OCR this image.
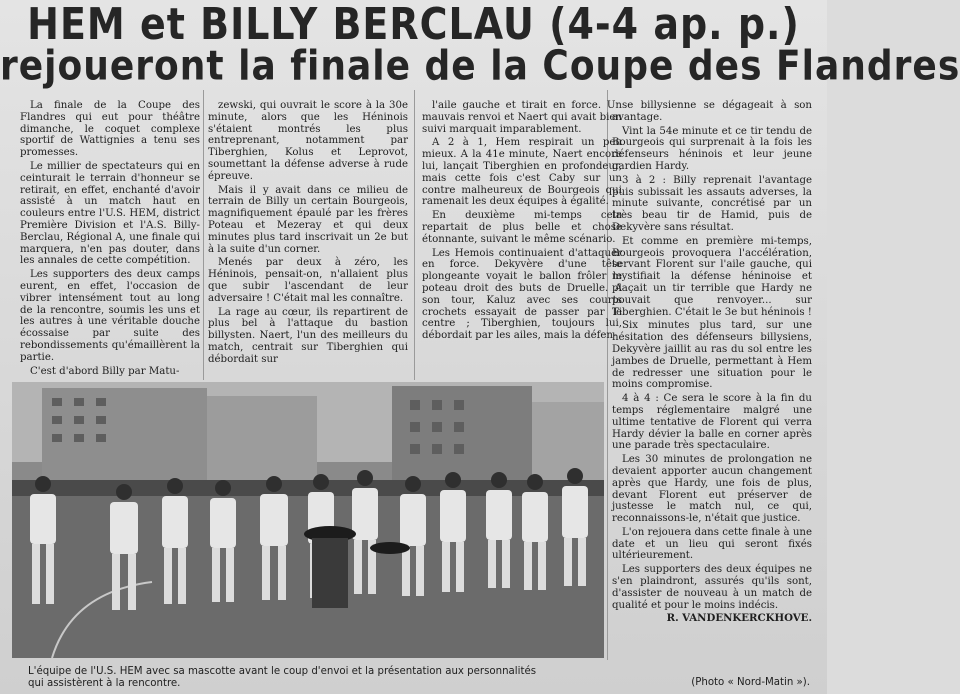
HEM et BILLY BERCLAU (4-4 ap. p.)
rejoueront la finale de la Coupe des Flandres

La finale de la Coupe des Flandres qui eut pour théâtre dimanche, le coquet complexe sportif de Wattignies a tenu ses promesses.

Le millier de spectateurs qui en ceinturait le terrain d'honneur se retirait, en effet, enchanté d'avoir assisté à un match haut en couleurs entre l'U.S. HEM, district Première Division et l'A.S. Billy-Berclau, Régional A, une finale qui marquera, n'en pas douter, dans les annales de cette compétition.

Les supporters des deux camps eurent, en effet, l'occasion de vibrer intensément tout au long de la rencontre, soumis les uns et les autres à une véritable douche écossaise par suite des rebondissements qu'émaillèrent la partie.

C'est d'abord Billy par Matu-

zewski, qui ouvrait le score à la 30e minute, alors que les Héninois s'étaient montrés les plus entreprenant, notamment par Tiberghien, Kolus et Leprovot, soumettant la défense adverse à rude épreuve.

Mais il y avait dans ce milieu de terrain de Billy un certain Bourgeois, magnifiquement épaulé par les frères Poteau et Mezeray et qui deux minutes plus tard inscrivait un 2e but à la suite d'un corner.

Menés par deux à zéro, les Héninois, pensait-on, n'allaient plus que subir l'ascendant de leur adversaire ! C'était mal les connaître.

La rage au cœur, ils repartirent de plus bel à l'attaque du bastion billysten. Naert, l'un des meilleurs du match, centrait sur Tiberghien qui débordait sur

l'aile gauche et tirait en force. Un mauvais renvoi et Naert qui avait bien suivi marquait imparablement.

A 2 à 1, Hem respirait un peu mieux. A la 41e minute, Naert encore lui, lançait Tiberghien en profondeur, mais cette fois c'est Caby sur un contre malheureux de Bourgeois qui ramenait les deux équipes à égalité.

En deuxième mi-temps cela repartait de plus belle et chose étonnante, suivant le même scénario.

Les Hemois continuaient d'attaquer en force. Dekyvère d'une tête plongeante voyait le ballon frôler le poteau droit des buts de Druelle. A son tour, Kaluz avec ses courts crochets essayait de passer par le centre ; Tiberghien, toujours lui, débordait par les ailes, mais la défen-

se billysienne se dégageait à son avantage.

Vint la 54e minute et ce tir tendu de Bourgeois qui surprenait à la fois les défenseurs héninois et leur jeune gardien Hardy.

3 à 2 : Billy reprenait l'avantage puis subissait les assauts adverses, la minute suivante, concrétisé par un très beau tir de Hamid, puis de Dekyvère sans résultat.

Et comme en première mi-temps, Bourgeois provoquera l'accélération, servant Florent sur l'aile gauche, qui mystifiait la défense héninoise et plaçait un tir terrible que Hardy ne pouvait que renvoyer... sur Tiberghien. C'était le 3e but héninois !

Six minutes plus tard, sur une hésitation des défenseurs billysiens, Dekyvère jaillit au ras du sol entre les jambes de Druelle, permettant à Hem de redresser une situation pour le moins compromise.

4 à 4 : Ce sera le score à la fin du temps réglementaire malgré une ultime tentative de Florent qui verra Hardy dévier la balle en corner après une parade très spectaculaire.

Les 30 minutes de prolongation ne devaient apporter aucun changement après que Hardy, une fois de plus, devant Florent eut préserver de justesse le match nul, ce qui, reconnaissons-le, n'était que justice.

L'on rejouera dans cette finale à une date et un lieu qui seront fixés ultérieurement.

Les supporters des deux équipes ne s'en plaindront, assurés qu'ils sont, d'assister de nouveau à un match de qualité et pour le moins indécis.

R. VANDENKERCKHOVE.

L'équipe de l'U.S. HEM avec sa mascotte avant le coup d'envoi et la présentation aux personnalités
qui assistèrent à la rencontre.	(Photo « Nord-Matin »).
